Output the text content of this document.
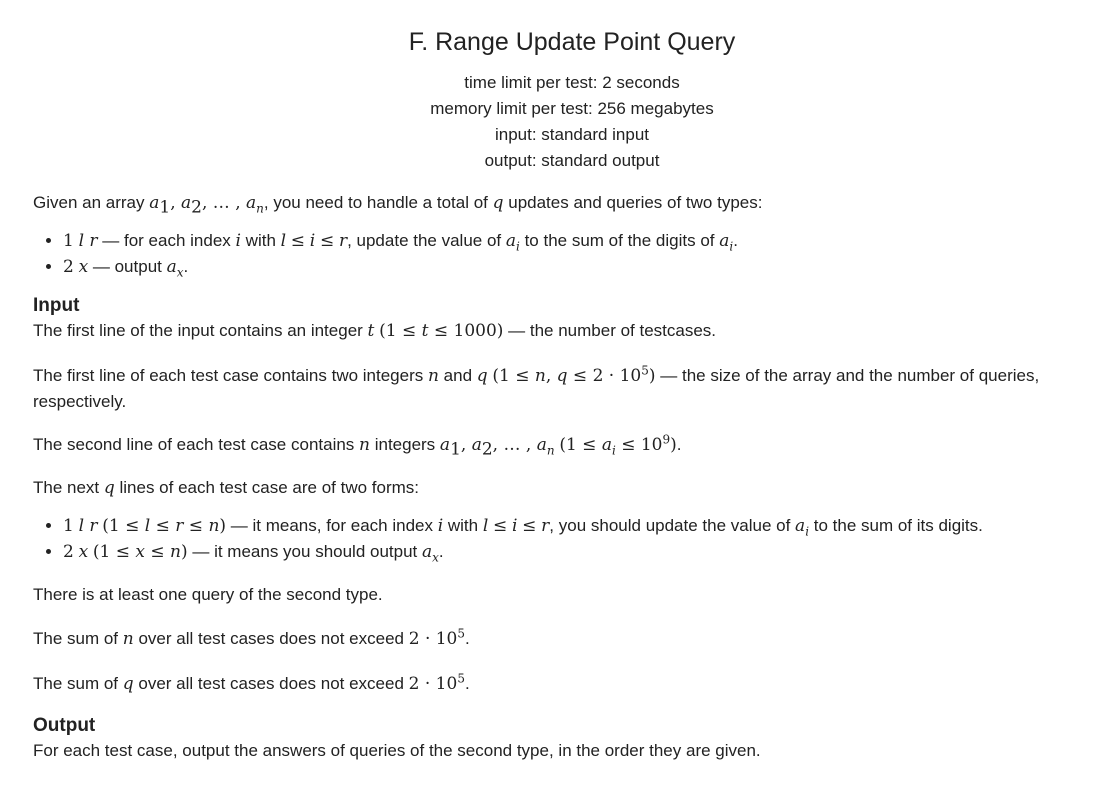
F. Range Update Point Query
time limit per test: 2 seconds
memory limit per test: 256 megabytes
input: standard input
output: standard output

Given an array $a_1$, $a_2$, … , $a_n$, you need to handle a total of q updates and queries of two types:

• 1 l r — for each index i with l ≤ i ≤ r, update the value of $a_i$ to the sum of the digits of $a_i$.
• 2 x — output $a_x$.
Input

The first line of the input contains an integer t (1 ≤ t ≤ 1000) — the number of testcases.

The first line of each test case contains two integers n and q (1 ≤ n, $q \le 2 \cdot 10^5$) — the size of the array and the number of queries, respectively.

The second line of each test case contains n integers $a_1$, $a_2$, … , $a_n$ $(1 \le a_i \le 10^9)$.

The next q lines of each test case are of two forms:

• 1 l r (1 ≤ l ≤ r ≤ n) — it means, for each index i with l ≤ i ≤ r, you should update the value of $a_i$ to the sum of its digits.
• 2 x (1 ≤ x ≤ n) — it means you should output $a_x$.

There is at least one query of the second type.

The sum of n over all test cases does not exceed $2 \cdot 10^5$.

The sum of q over all test cases does not exceed $2 \cdot 10^5$.

Output

For each test case, output the answers of queries of the second type, in the order they are given.
